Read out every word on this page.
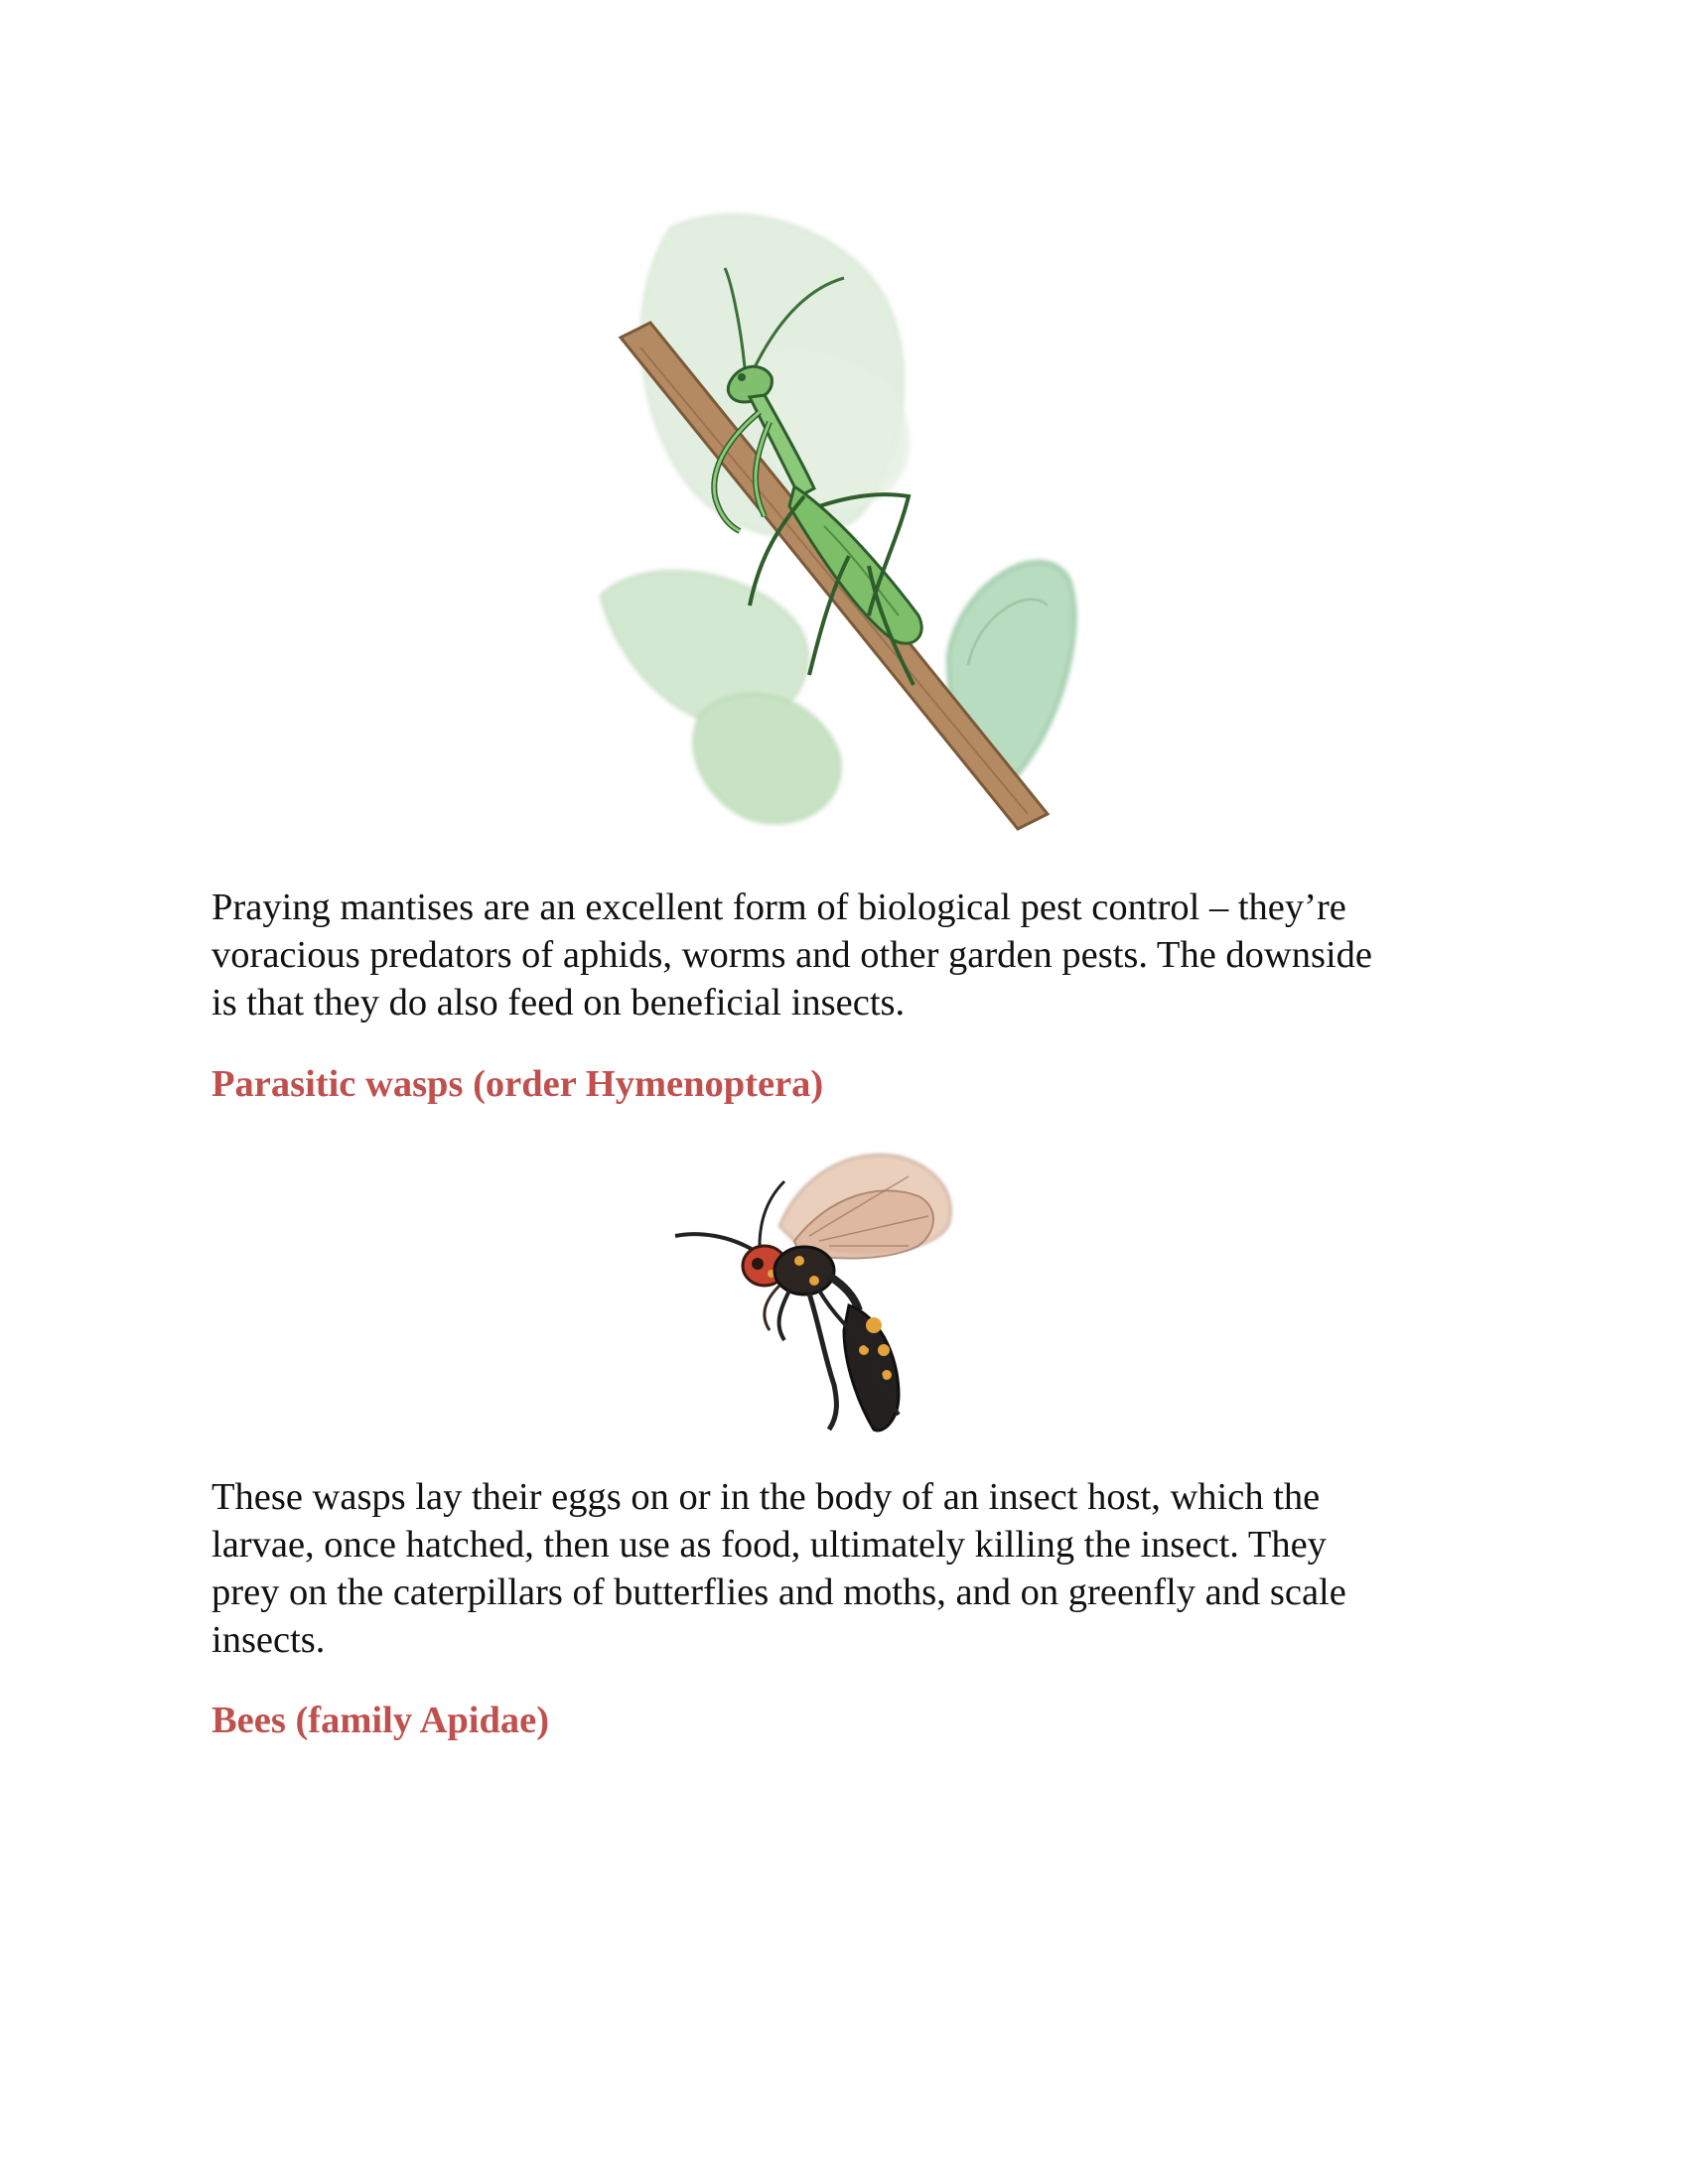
Praying mantises are an excellent form of biological pest control – they’re
voracious predators of aphids, worms and other garden pests. The downside
is that they do also feed on beneficial insects.

Parasitic wasps (order Hymenoptera)

These wasps lay their eggs on or in the body of an insect host, which the
larvae, once hatched, then use as food, ultimately killing the insect. They
prey on the caterpillars of butterflies and moths, and on greenfly and scale
insects.

Bees (family Apidae)
